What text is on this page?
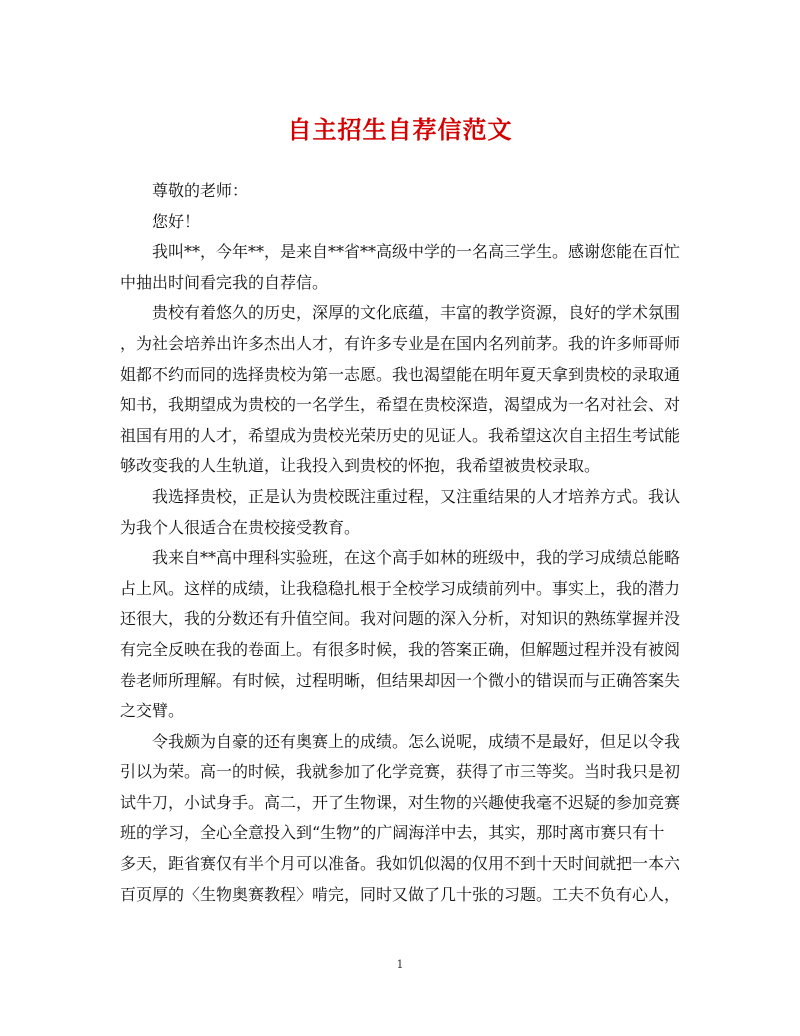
自主招生自荐信范文
尊敬的老师：
您好！
我叫**，今年**，是来自**省**高级中学的一名高三学生。感谢您能在百忙
中抽出时间看完我的自荐信。
贵校有着悠久的历史，深厚的文化底蕴，丰富的教学资源，良好的学术氛围
，为社会培养出许多杰出人才，有许多专业是在国内名列前茅。我的许多师哥师
姐都不约而同的选择贵校为第一志愿。我也渴望能在明年夏天拿到贵校的录取通
知书，我期望成为贵校的一名学生，希望在贵校深造，渴望成为一名对社会、对
祖国有用的人才，希望成为贵校光荣历史的见证人。我希望这次自主招生考试能
够改变我的人生轨道，让我投入到贵校的怀抱，我希望被贵校录取。
我选择贵校，正是认为贵校既注重过程，又注重结果的人才培养方式。我认
为我个人很适合在贵校接受教育。
我来自**高中理科实验班，在这个高手如林的班级中，我的学习成绩总能略
占上风。这样的成绩，让我稳稳扎根于全校学习成绩前列中。事实上，我的潜力
还很大，我的分数还有升值空间。我对问题的深入分析，对知识的熟练掌握并没
有完全反映在我的卷面上。有很多时候，我的答案正确，但解题过程并没有被阅
卷老师所理解。有时候，过程明晰，但结果却因一个微小的错误而与正确答案失
之交臂。
令我颇为自豪的还有奥赛上的成绩。怎么说呢，成绩不是最好，但足以令我
引以为荣。高一的时候，我就参加了化学竞赛，获得了市三等奖。当时我只是初
试牛刀，小试身手。高二，开了生物课，对生物的兴趣使我毫不迟疑的参加竞赛
班的学习，全心全意投入到“生物”的广阔海洋中去，其实，那时离市赛只有十
多天，距省赛仅有半个月可以准备。我如饥似渴的仅用不到十天时间就把一本六
百页厚的〈生物奥赛教程〉啃完，同时又做了几十张的习题。工夫不负有心人，
1
